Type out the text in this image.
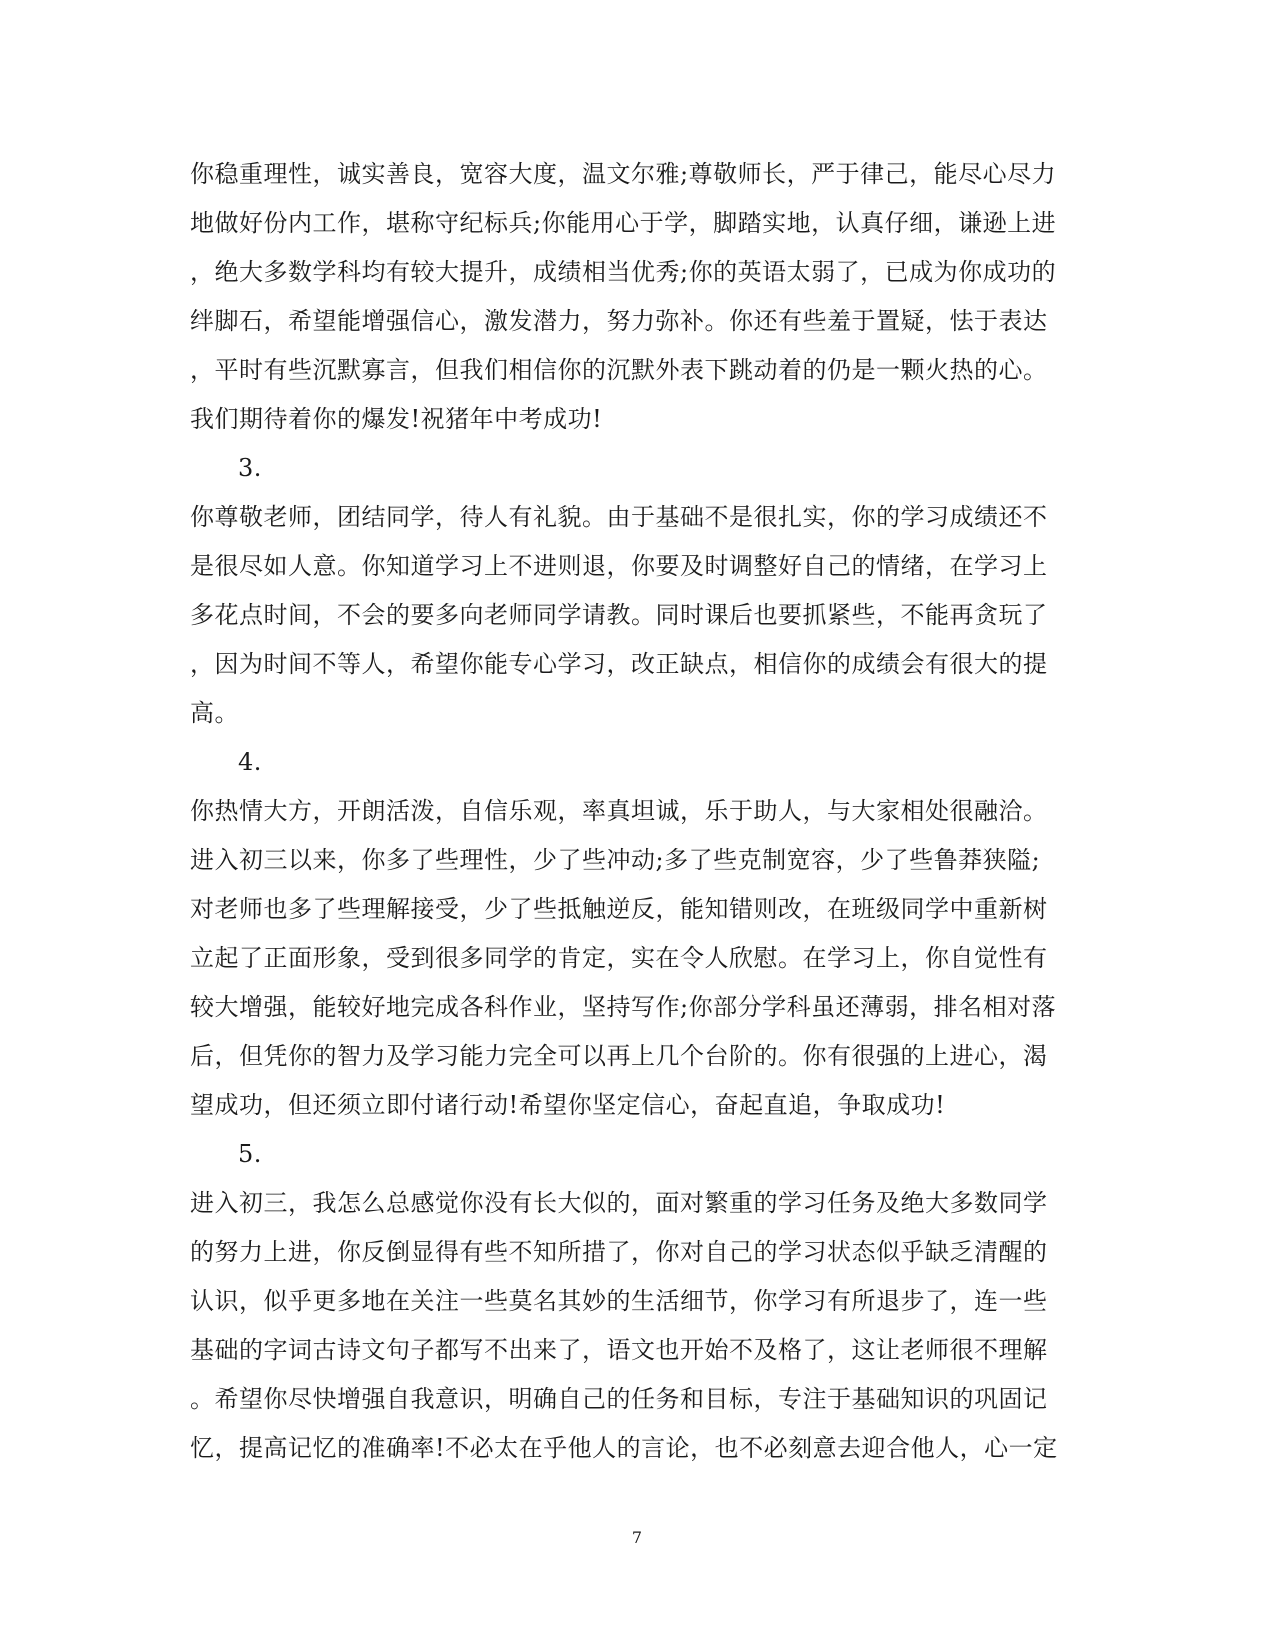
你稳重理性，诚实善良，宽容大度，温文尔雅;尊敬师长，严于律己，能尽心尽力
地做好份内工作，堪称守纪标兵;你能用心于学，脚踏实地，认真仔细，谦逊上进
，绝大多数学科均有较大提升，成绩相当优秀;你的英语太弱了，已成为你成功的
绊脚石，希望能增强信心，激发潜力，努力弥补。你还有些羞于置疑，怯于表达
，平时有些沉默寡言，但我们相信你的沉默外表下跳动着的仍是一颗火热的心。
我们期待着你的爆发!祝猪年中考成功!
3.
你尊敬老师，团结同学，待人有礼貌。由于基础不是很扎实，你的学习成绩还不
是很尽如人意。你知道学习上不进则退，你要及时调整好自己的情绪，在学习上
多花点时间，不会的要多向老师同学请教。同时课后也要抓紧些，不能再贪玩了
，因为时间不等人，希望你能专心学习，改正缺点，相信你的成绩会有很大的提
高。
4.
你热情大方，开朗活泼，自信乐观，率真坦诚，乐于助人，与大家相处很融洽。
进入初三以来，你多了些理性，少了些冲动;多了些克制宽容，少了些鲁莽狭隘;
对老师也多了些理解接受，少了些抵触逆反，能知错则改，在班级同学中重新树
立起了正面形象，受到很多同学的肯定，实在令人欣慰。在学习上，你自觉性有
较大增强，能较好地完成各科作业，坚持写作;你部分学科虽还薄弱，排名相对落
后，但凭你的智力及学习能力完全可以再上几个台阶的。你有很强的上进心，渴
望成功，但还须立即付诸行动!希望你坚定信心，奋起直追，争取成功!
5.
进入初三，我怎么总感觉你没有长大似的，面对繁重的学习任务及绝大多数同学
的努力上进，你反倒显得有些不知所措了，你对自己的学习状态似乎缺乏清醒的
认识，似乎更多地在关注一些莫名其妙的生活细节，你学习有所退步了，连一些
基础的字词古诗文句子都写不出来了，语文也开始不及格了，这让老师很不理解
。希望你尽快增强自我意识，明确自己的任务和目标，专注于基础知识的巩固记
忆，提高记忆的准确率!不必太在乎他人的言论，也不必刻意去迎合他人，心一定
7
